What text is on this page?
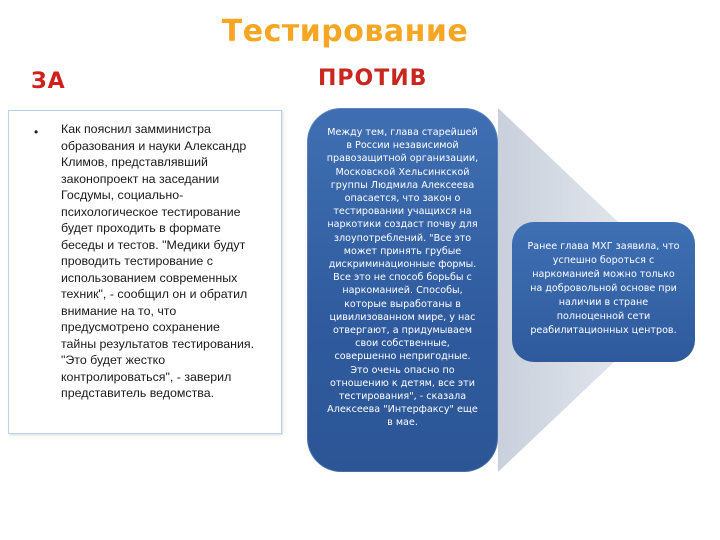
Тестирование
ЗА	ПРОТИВ
• Как пояснил замминистра
образования и науки Александр
Климов, представлявший
законопроект на заседании
Госдумы, социально-
психологическое тестирование
будет проходить в формате
беседы и тестов. "Медики будут
проводить тестирование с
использованием современных
техник", - сообщил он и обратил
внимание на то, что
предусмотрено сохранение
тайны результатов тестирования.
"Это будет жестко
контролироваться", - заверил
представитель ведомства.
Между тем, глава старейшей
в России независимой
правозащитной организации,
Московской Хельсинкской
группы Людмила Алексеева
опасается, что закон о
тестировании учащихся на
наркотики создаст почву для
злоупотреблений. "Все это
может принять грубые
дискриминационные формы.
Все это не способ борьбы с
наркоманией. Способы,
которые выработаны в
цивилизованном мире, у нас
отвергают, а придумываем
свои собственные,
совершенно непригодные.
Это очень опасно по
отношению к детям, все эти
тестирования", - сказала
Алексеева "Интерфаксу" еще
в мае.
Ранее глава МХГ заявила, что
успешно бороться с
наркоманией можно только
на добровольной основе при
наличии в стране
полноценной сети
реабилитационных центров.
